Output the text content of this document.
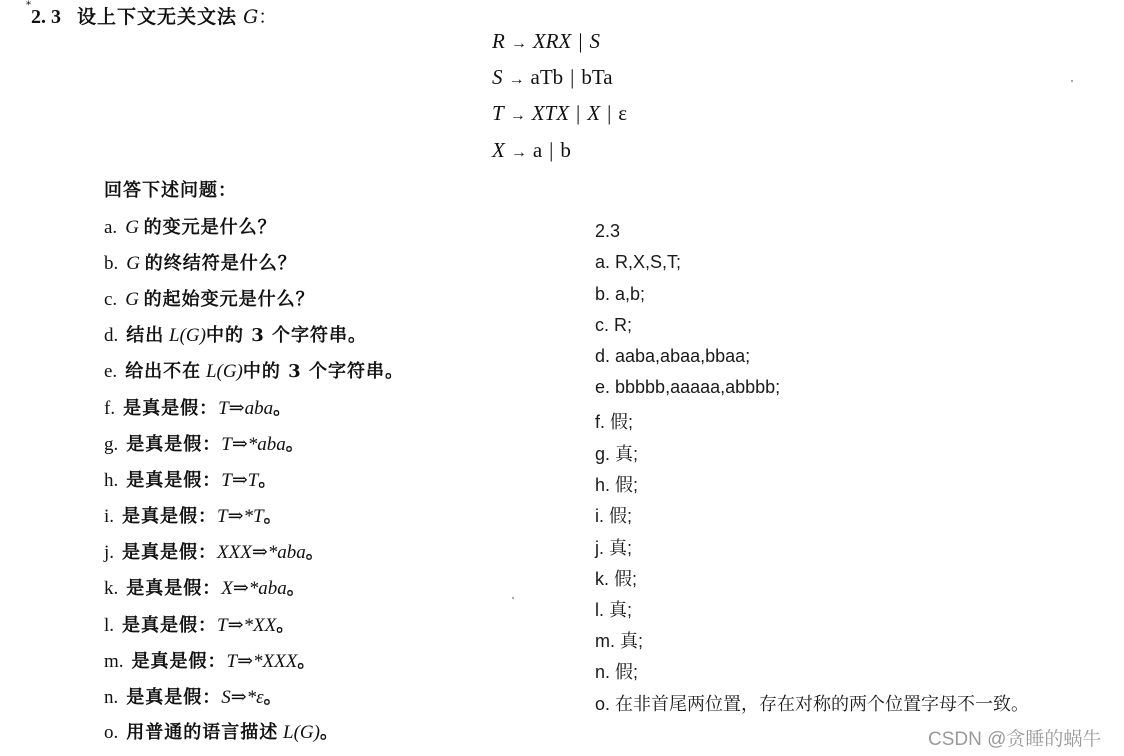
*2. 3 设上下文无关文法 G：
R → XRX | S
S → aTb | bTa
T → XTX | X | ε
X → a | b
回答下述问题：
a. G 的变元是什么？
b. G 的终结符是什么？
c. G 的起始变元是什么？
d. 结出 L(G)中的 3 个字符串。
e. 给出不在 L(G)中的 3 个字符串。
f. 是真是假：T⇒aba。
g. 是真是假：T⇒*aba。
h. 是真是假：T⇒T。
i. 是真是假：T⇒*T。
j. 是真是假：XXX⇒*aba。
k. 是真是假：X⇒*aba。
l. 是真是假：T⇒*XX。
m. 是真是假：T⇒*XXX。
n. 是真是假：S⇒*ε。
o. 用普通的语言描述 L(G)。
2.3
a. R,X,S,T;
b. a,b;
c. R;
d. aaba,abaa,bbaa;
e. bbbbb,aaaaa,abbbb;
f. 假;
g. 真;
h. 假;
i. 假;
j. 真;
k. 假;
l. 真;
m. 真;
n. 假;
o. 在非首尾两位置，存在对称的两个位置字母不一致。
CSDN @贪睡的蜗牛
